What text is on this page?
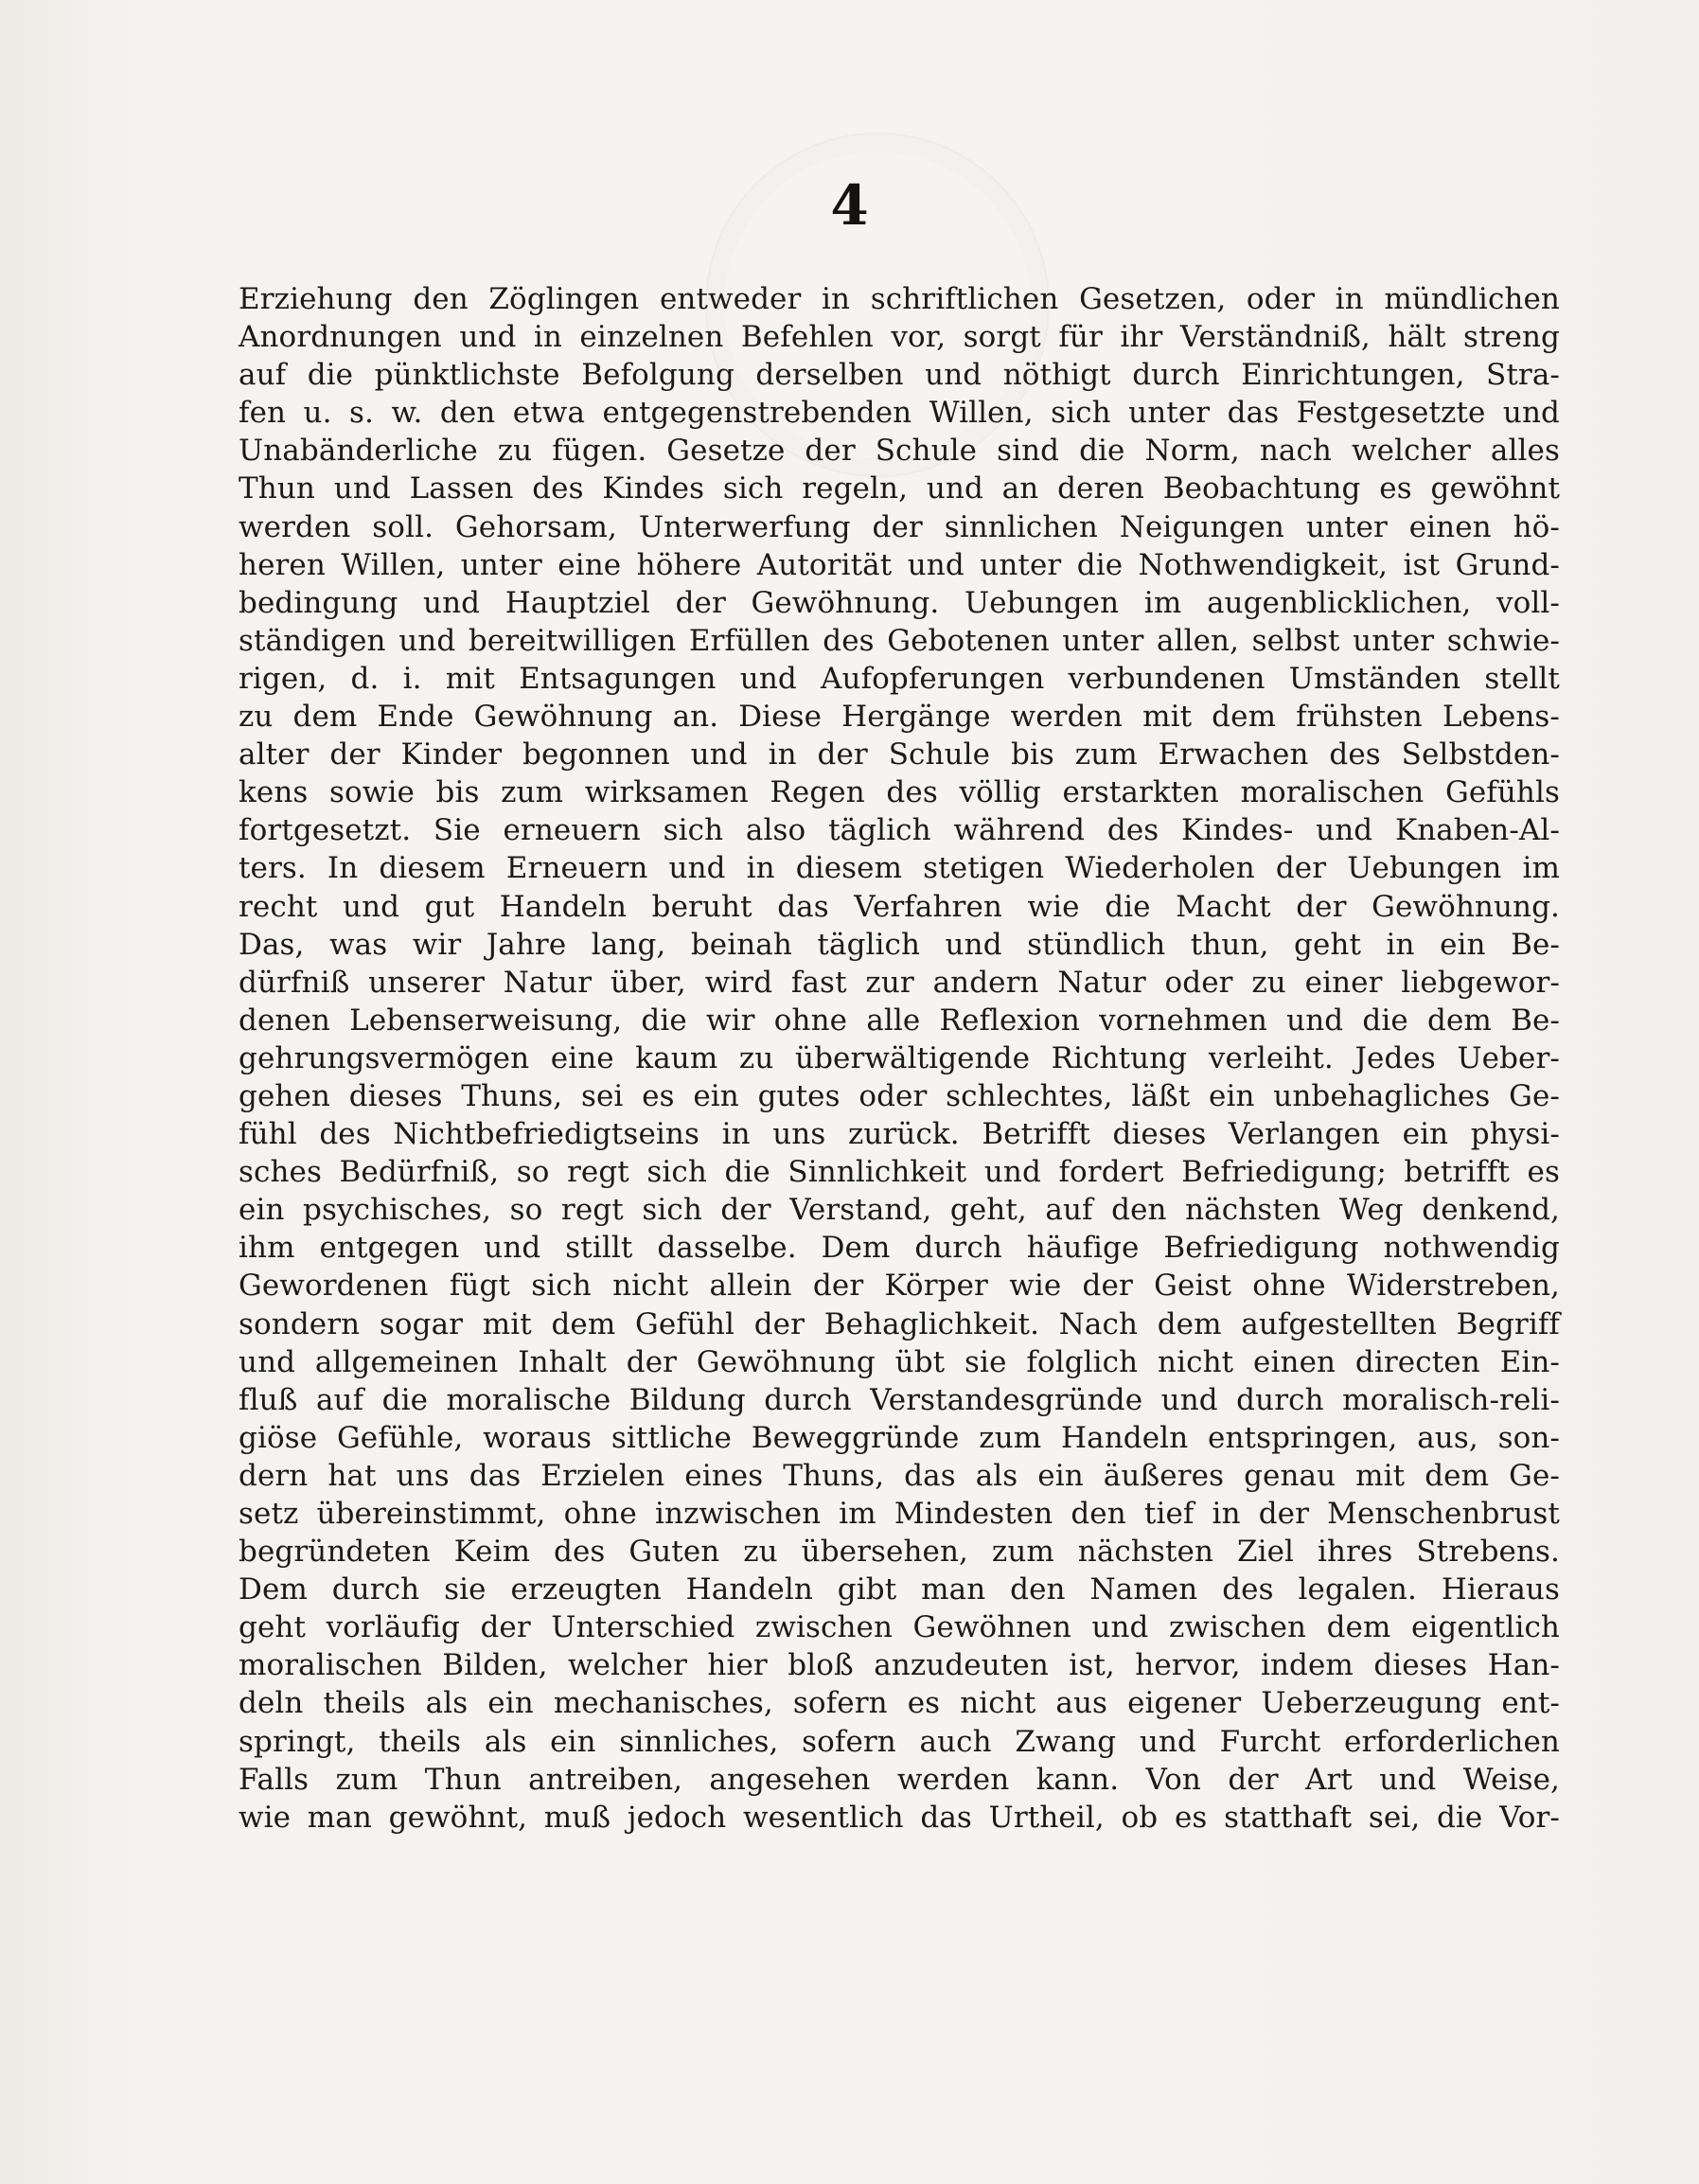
4
Erziehung den Zöglingen entweder in schriftlichen Gesetzen, oder in mündlichen
Anordnungen und in einzelnen Befehlen vor, sorgt für ihr Verständniß, hält streng
auf die pünktlichste Befolgung derselben und nöthigt durch Einrichtungen, Stra-
fen u. s. w. den etwa entgegenstrebenden Willen, sich unter das Festgesetzte und
Unabänderliche zu fügen. Gesetze der Schule sind die Norm, nach welcher alles
Thun und Lassen des Kindes sich regeln, und an deren Beobachtung es gewöhnt
werden soll. Gehorsam, Unterwerfung der sinnlichen Neigungen unter einen hö-
heren Willen, unter eine höhere Autorität und unter die Nothwendigkeit, ist Grund-
bedingung und Hauptziel der Gewöhnung. Uebungen im augenblicklichen, voll-
ständigen und bereitwilligen Erfüllen des Gebotenen unter allen, selbst unter schwie-
rigen, d. i. mit Entsagungen und Aufopferungen verbundenen Umständen stellt
zu dem Ende Gewöhnung an. Diese Hergänge werden mit dem frühsten Lebens-
alter der Kinder begonnen und in der Schule bis zum Erwachen des Selbstden-
kens sowie bis zum wirksamen Regen des völlig erstarkten moralischen Gefühls
fortgesetzt. Sie erneuern sich also täglich während des Kindes- und Knaben-Al-
ters. In diesem Erneuern und in diesem stetigen Wiederholen der Uebungen im
recht und gut Handeln beruht das Verfahren wie die Macht der Gewöhnung.
Das, was wir Jahre lang, beinah täglich und stündlich thun, geht in ein Be-
dürfniß unserer Natur über, wird fast zur andern Natur oder zu einer liebgewor-
denen Lebenserweisung, die wir ohne alle Reflexion vornehmen und die dem Be-
gehrungsvermögen eine kaum zu überwältigende Richtung verleiht. Jedes Ueber-
gehen dieses Thuns, sei es ein gutes oder schlechtes, läßt ein unbehagliches Ge-
fühl des Nichtbefriedigtseins in uns zurück. Betrifft dieses Verlangen ein physi-
sches Bedürfniß, so regt sich die Sinnlichkeit und fordert Befriedigung; betrifft es
ein psychisches, so regt sich der Verstand, geht, auf den nächsten Weg denkend,
ihm entgegen und stillt dasselbe. Dem durch häufige Befriedigung nothwendig
Gewordenen fügt sich nicht allein der Körper wie der Geist ohne Widerstreben,
sondern sogar mit dem Gefühl der Behaglichkeit. Nach dem aufgestellten Begriff
und allgemeinen Inhalt der Gewöhnung übt sie folglich nicht einen directen Ein-
fluß auf die moralische Bildung durch Verstandesgründe und durch moralisch-reli-
giöse Gefühle, woraus sittliche Beweggründe zum Handeln entspringen, aus, son-
dern hat uns das Erzielen eines Thuns, das als ein äußeres genau mit dem Ge-
setz übereinstimmt, ohne inzwischen im Mindesten den tief in der Menschenbrust
begründeten Keim des Guten zu übersehen, zum nächsten Ziel ihres Strebens.
Dem durch sie erzeugten Handeln gibt man den Namen des legalen. Hieraus
geht vorläufig der Unterschied zwischen Gewöhnen und zwischen dem eigentlich
moralischen Bilden, welcher hier bloß anzudeuten ist, hervor, indem dieses Han-
deln theils als ein mechanisches, sofern es nicht aus eigener Ueberzeugung ent-
springt, theils als ein sinnliches, sofern auch Zwang und Furcht erforderlichen
Falls zum Thun antreiben, angesehen werden kann. Von der Art und Weise,
wie man gewöhnt, muß jedoch wesentlich das Urtheil, ob es statthaft sei, die Vor-
